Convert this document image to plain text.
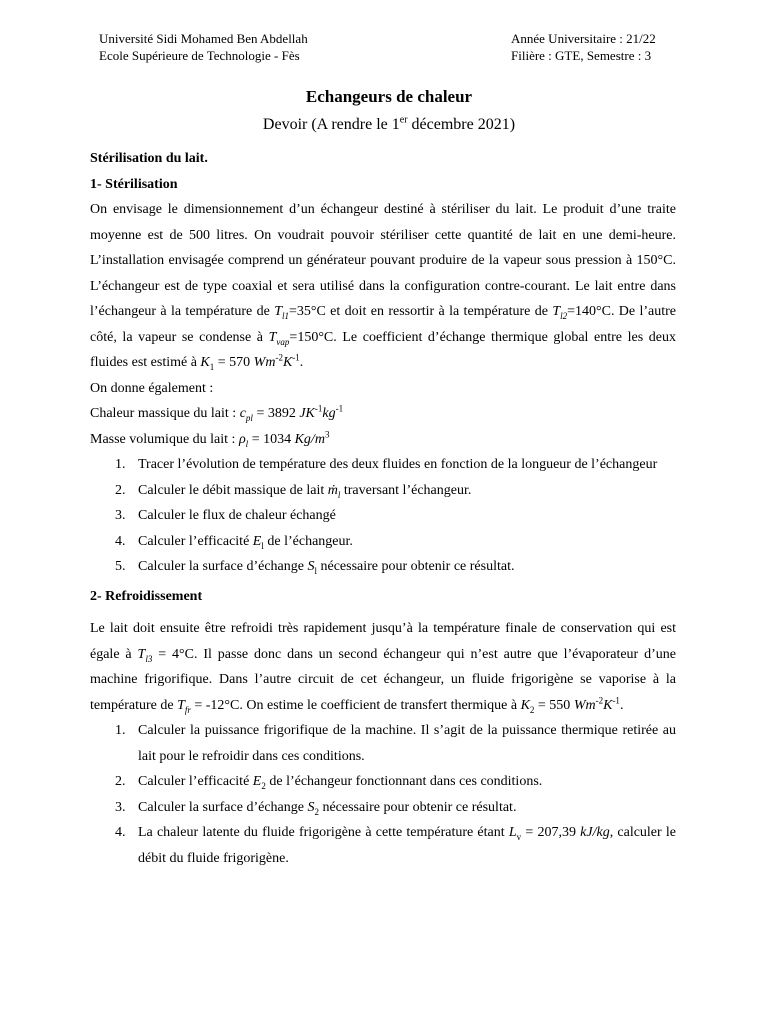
Université Sidi Mohamed Ben Abdellah
Ecole Supérieure de Technologie - Fès
Année Universitaire : 21/22
Filière : GTE, Semestre : 3
Echangeurs de chaleur
Devoir (A rendre le 1er décembre 2021)

Stérilisation du lait.

1- Stérilisation

On envisage le dimensionnement d’un échangeur destiné à stériliser du lait. Le produit d’une traite moyenne est de 500 litres. On voudrait pouvoir stériliser cette quantité de lait en une demi-heure. L’installation envisagée comprend un générateur pouvant produire de la vapeur sous pression à 150°C. L’échangeur est de type coaxial et sera utilisé dans la configuration contre-courant. Le lait entre dans l’échangeur à la température de $T_{l1}=35^\circ C$ et doit en ressortir à la température de $T_{l2}=140^\circ C$. De l’autre côté, la vapeur se condense à $T_{vap}=150^\circ C$. Le coefficient d’échange thermique global entre les deux fluides est estimé à $K_1 = 570$ $Wm^{-2}K^{-1}$.

On donne également :

Chaleur massique du lait : $c_{pl} = 3892$ $JK^{-1}kg^{-1}$

Masse volumique du lait : $\rho_l = 1034$ $Kg/m^3$

1. Tracer l’évolution de température des deux fluides en fonction de la longueur de l’échangeur
2. Calculer le débit massique de lait ṁ$_l$ traversant l’échangeur.
3. Calculer le flux de chaleur échangé
4. Calculer l’efficacité $E_l$ de l’échangeur.
5. Calculer la surface d’échange $S_l$ nécessaire pour obtenir ce résultat.

2- Refroidissement

Le lait doit ensuite être refroidi très rapidement jusqu’à la température finale de conservation qui est égale à $T_{l3} = 4^\circ C$. Il passe donc dans un second échangeur qui n’est autre que l’évaporateur d’une machine frigorifique. Dans l’autre circuit de cet échangeur, un fluide frigorigène se vaporise à la température de $T_{fr} = -12^\circ C$. On estime le coefficient de transfert thermique à $K_2 = 550$ $Wm^{-2}K^{-1}$.

1. Calculer la puissance frigorifique de la machine. Il s’agit de la puissance thermique retirée au lait pour le refroidir dans ces conditions.
2. Calculer l’efficacité $E_2$ de l’échangeur fonctionnant dans ces conditions.
3. Calculer la surface d’échange $S_2$ nécessaire pour obtenir ce résultat.
4. La chaleur latente du fluide frigorigène à cette température étant $L_v = 207,39$ kJ/kg, calculer le débit du fluide frigorigène.
